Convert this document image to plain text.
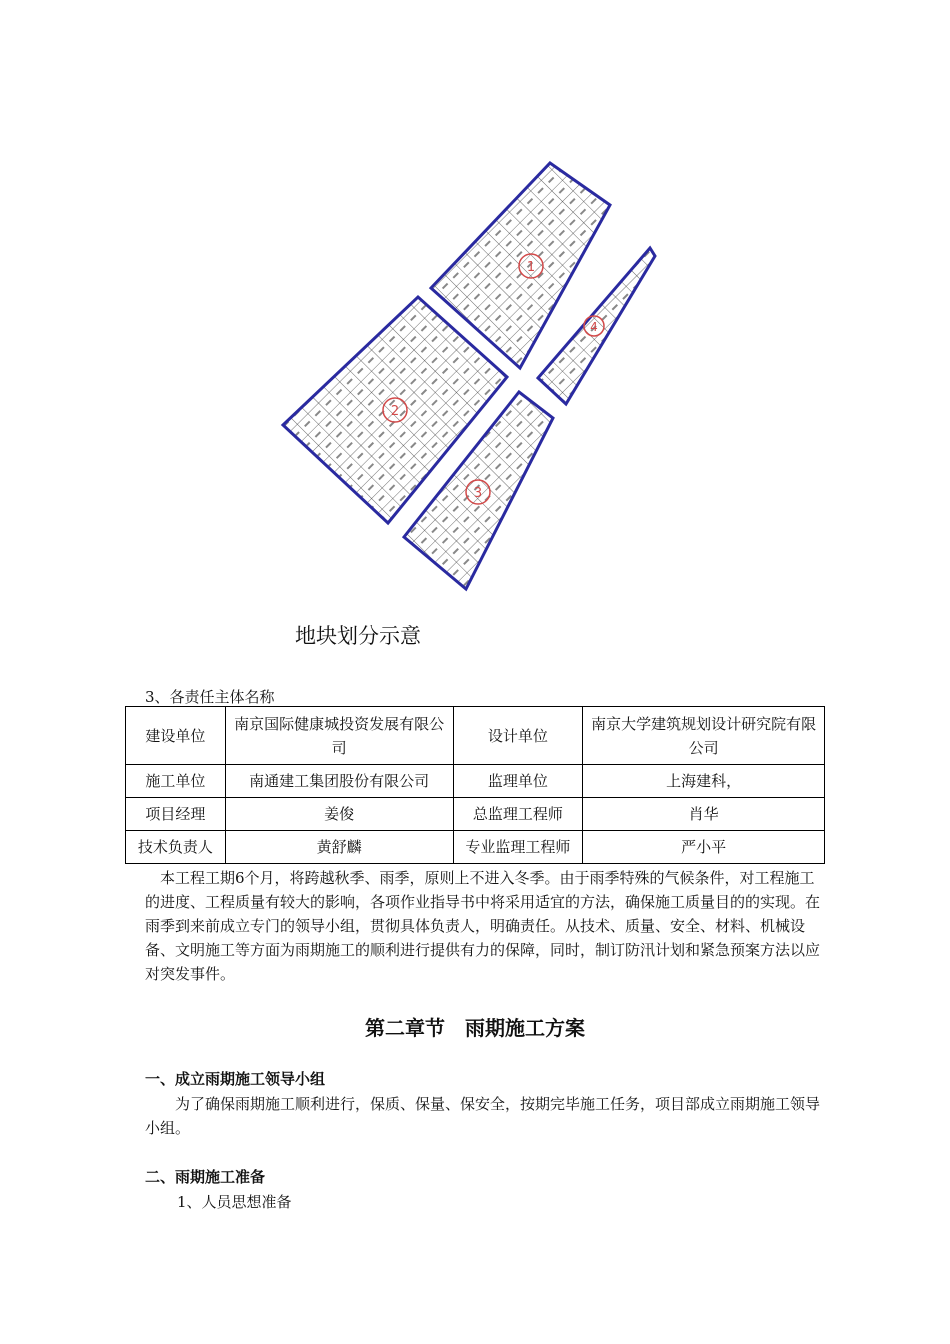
1
2
3
4
地块划分示意
3、各责任主体名称
建设单位	南京国际健康城投资发展有限公司	设计单位	南京大学建筑规划设计研究院有限公司
施工单位	南通建工集团股份有限公司	监理单位	上海建科，
项目经理	姜俊	总监理工程师	肖华
技术负责人	黄舒麟	专业监理工程师	严小平

本工程工期6个月，将跨越秋季、雨季，原则上不进入冬季。由于雨季特殊的气候条件，对工程施工的进度、工程质量有较大的影响，各项作业指导书中将采用适宜的方法，确保施工质量目的的实现。在雨季到来前成立专门的领导小组，贯彻具体负责人，明确责任。从技术、质量、安全、材料、机械设备、文明施工等方面为雨期施工的顺利进行提供有力的保障，同时，制订防汛计划和紧急预案方法以应对突发事件。

第二章节　雨期施工方案
一、成立雨期施工领导小组

为了确保雨期施工顺利进行，保质、保量、保安全，按期完毕施工任务，项目部成立雨期施工领导小组。

二、雨期施工准备
1、人员思想准备
